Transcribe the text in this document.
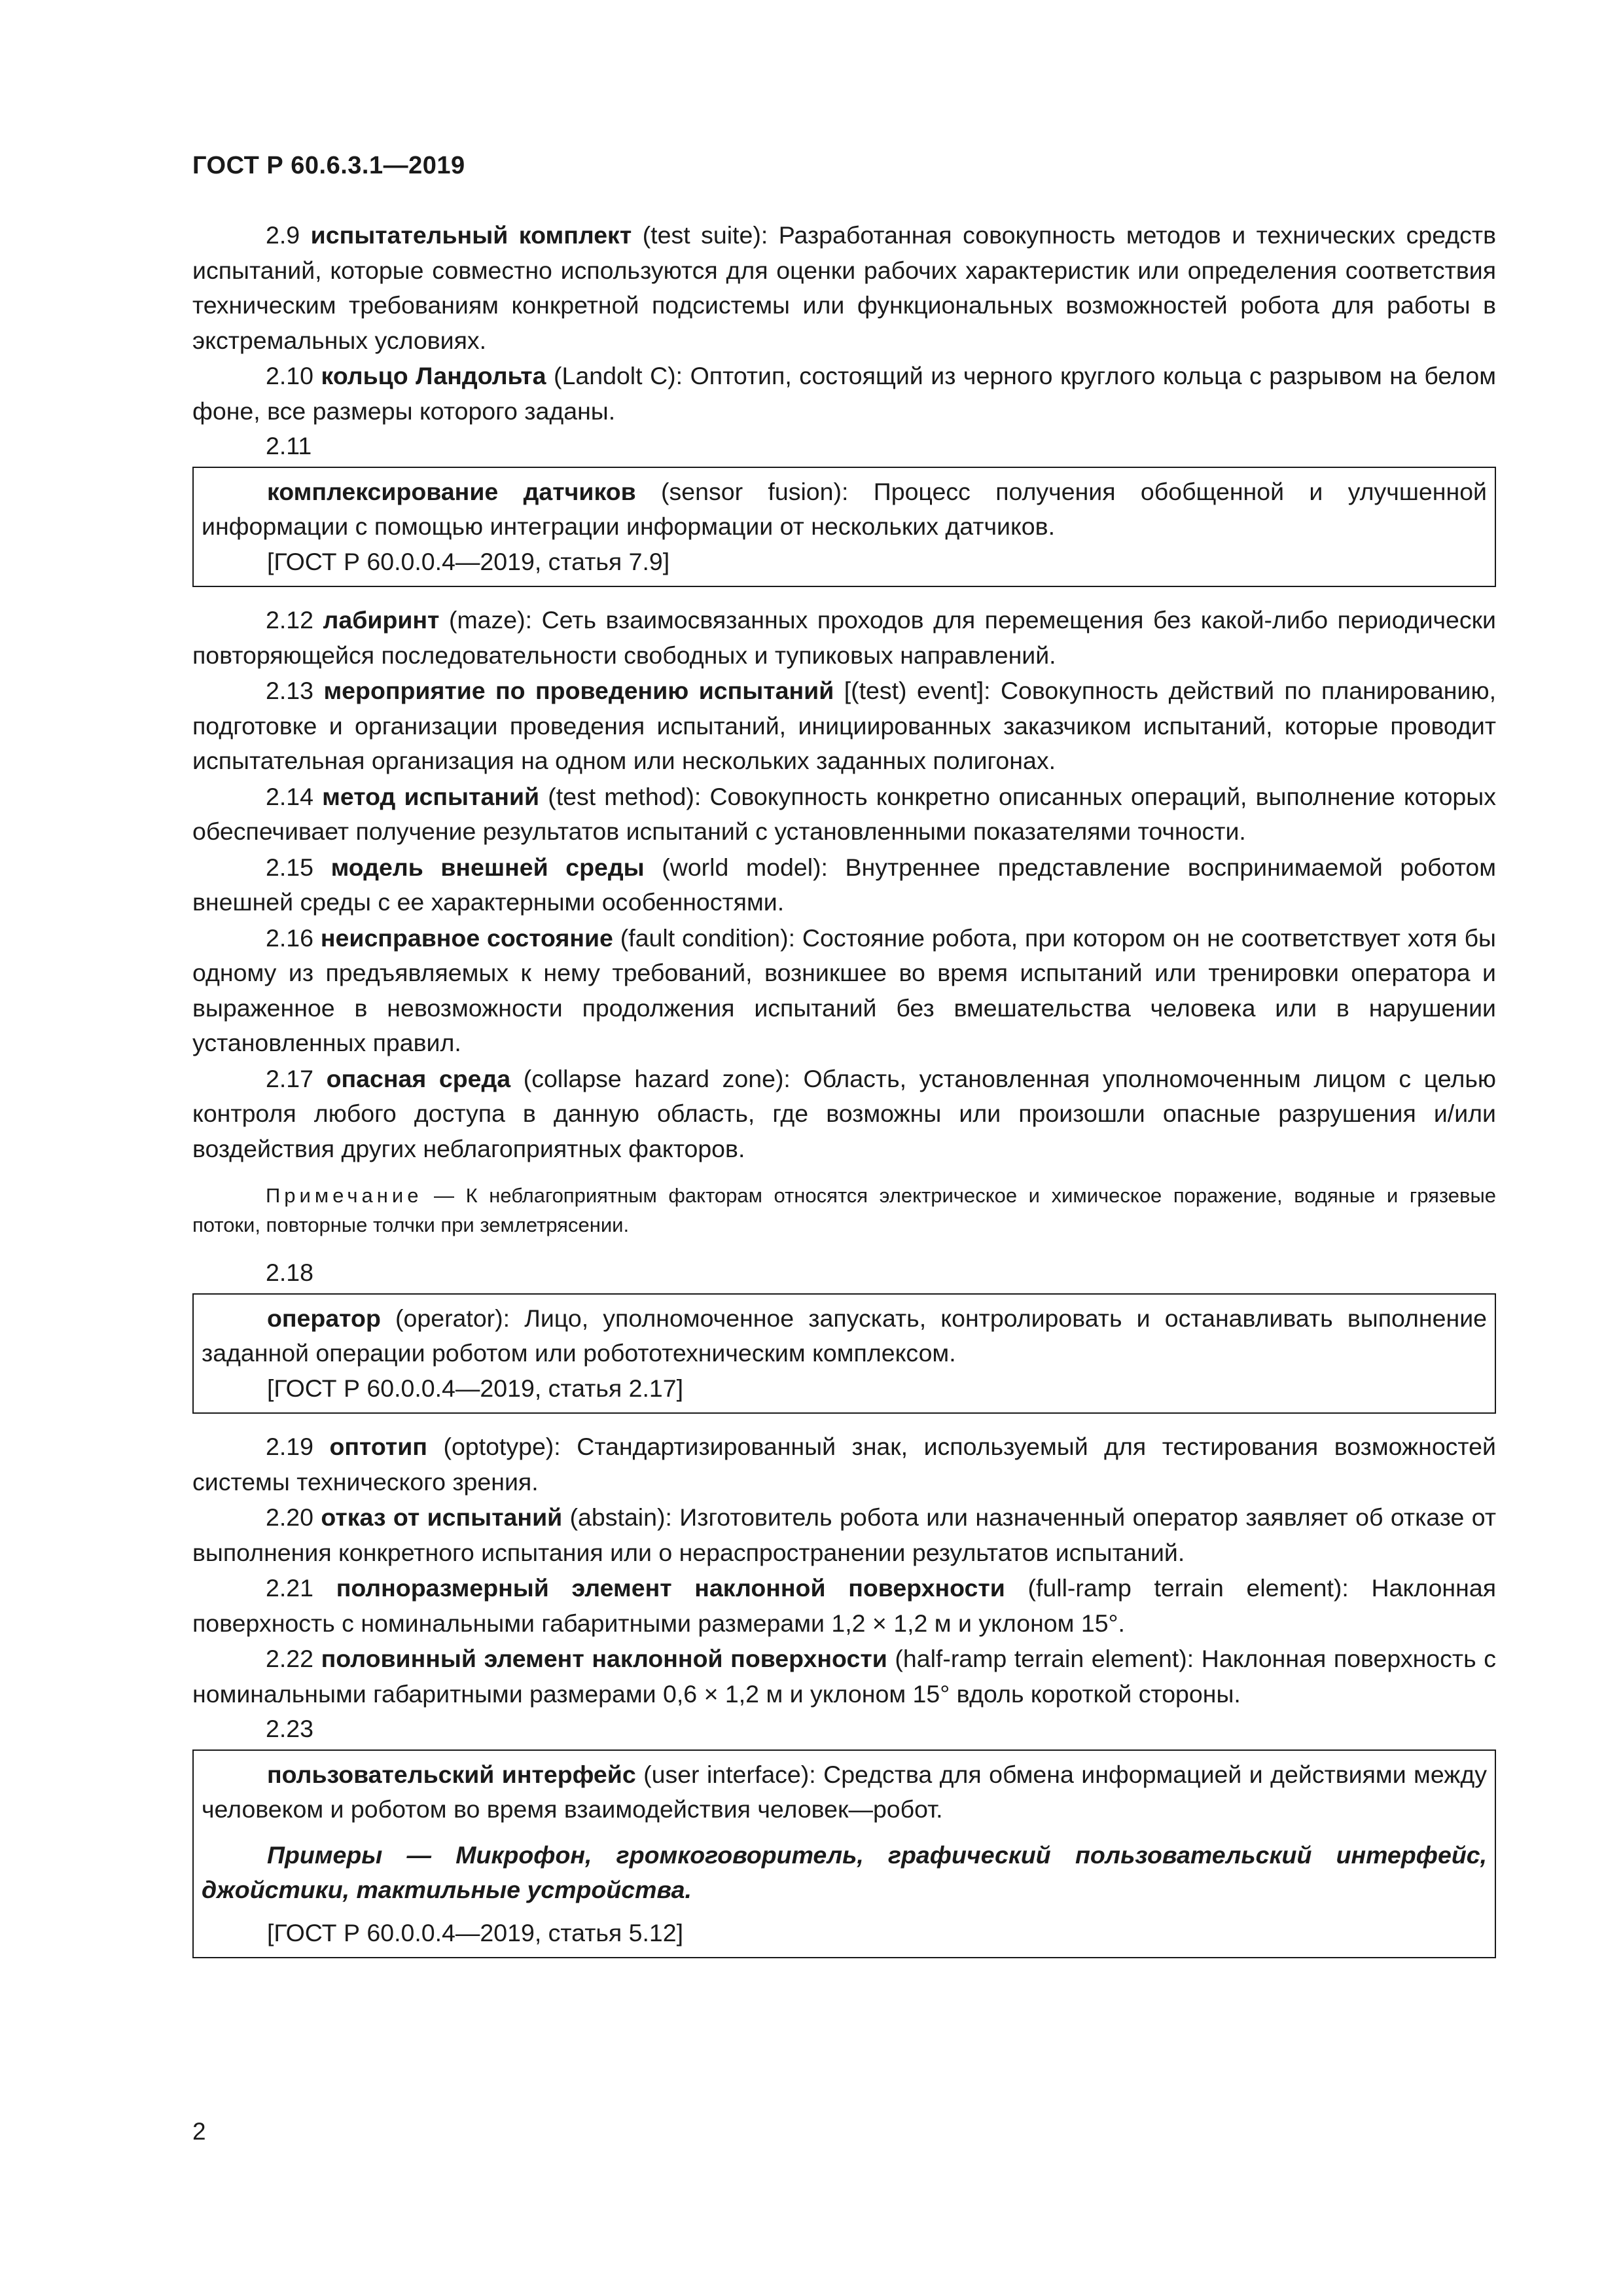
ГОСТ Р 60.6.3.1—2019

2.9 испытательный комплект (test suite): Разработанная совокупность методов и технических средств испытаний, которые совместно используются для оценки рабочих характеристик или определения соответствия техническим требованиям конкретной подсистемы или функциональных возможностей робота для работы в экстремальных условиях.

2.10 кольцо Ландольта (Landolt C): Оптотип, состоящий из черного круглого кольца с разрывом на белом фоне, все размеры которого заданы.

2.11

комплексирование датчиков (sensor fusion): Процесс получения обобщенной и улучшенной информации с помощью интеграции информации от нескольких датчиков.

[ГОСТ Р 60.0.0.4—2019, статья 7.9]

2.12 лабиринт (maze): Сеть взаимосвязанных проходов для перемещения без какой-либо периодически повторяющейся последовательности свободных и тупиковых направлений.

2.13 мероприятие по проведению испытаний [(test) event]: Совокупность действий по планированию, подготовке и организации проведения испытаний, инициированных заказчиком испытаний, которые проводит испытательная организация на одном или нескольких заданных полигонах.

2.14 метод испытаний (test method): Совокупность конкретно описанных операций, выполнение которых обеспечивает получение результатов испытаний с установленными показателями точности.

2.15 модель внешней среды (world model): Внутреннее представление воспринимаемой роботом внешней среды с ее характерными особенностями.

2.16 неисправное состояние (fault condition): Состояние робота, при котором он не соответствует хотя бы одному из предъявляемых к нему требований, возникшее во время испытаний или тренировки оператора и выраженное в невозможности продолжения испытаний без вмешательства человека или в нарушении установленных правил.

2.17 опасная среда (collapse hazard zone): Область, установленная уполномоченным лицом с целью контроля любого доступа в данную область, где возможны или произошли опасные разрушения и/или воздействия других неблагоприятных факторов.

Примечание — К неблагоприятным факторам относятся электрическое и химическое поражение, водяные и грязевые потоки, повторные толчки при землетрясении.

2.18

оператор (operator): Лицо, уполномоченное запускать, контролировать и останавливать выполнение заданной операции роботом или робототехническим комплексом.

[ГОСТ Р 60.0.0.4—2019, статья 2.17]

2.19 оптотип (optotype): Стандартизированный знак, используемый для тестирования возможностей системы технического зрения.

2.20 отказ от испытаний (abstain): Изготовитель робота или назначенный оператор заявляет об отказе от выполнения конкретного испытания или о нераспространении результатов испытаний.

2.21 полноразмерный элемент наклонной поверхности (full-ramp terrain element): Наклонная поверхность с номинальными габаритными размерами 1,2 × 1,2 м и уклоном 15°.

2.22 половинный элемент наклонной поверхности (half-ramp terrain element): Наклонная поверхность с номинальными габаритными размерами 0,6 × 1,2 м и уклоном 15° вдоль короткой стороны.

2.23

пользовательский интерфейс (user interface): Средства для обмена информацией и действиями между человеком и роботом во время взаимодействия человек—робот.

Примеры — Микрофон, громкоговоритель, графический пользовательский интерфейс, джойстики, тактильные устройства.

[ГОСТ Р 60.0.0.4—2019, статья 5.12]

2
